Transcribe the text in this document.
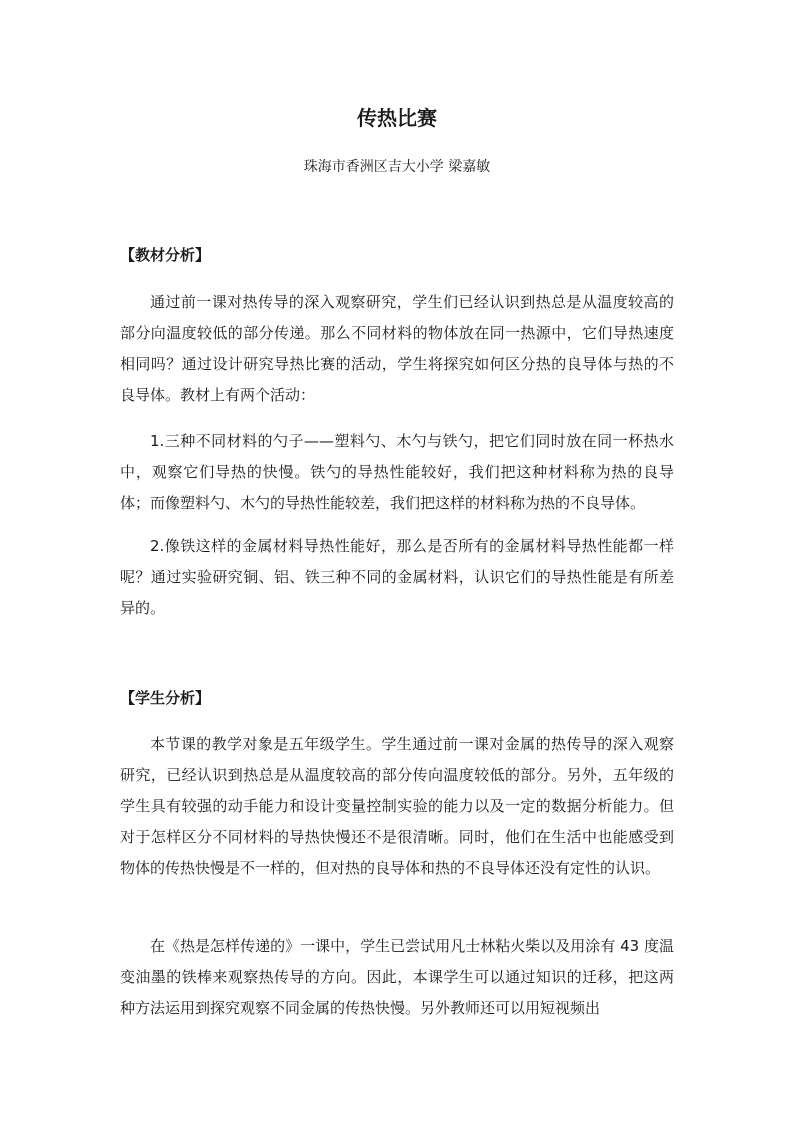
传热比赛
珠海市香洲区吉大小学 梁嘉敏
【教材分析】

通过前一课对热传导的深入观察研究，学生们已经认识到热总是从温度较高的部分向温度较低的部分传递。那么不同材料的物体放在同一热源中，它们导热速度相同吗？通过设计研究导热比赛的活动，学生将探究如何区分热的良导体与热的不良导体。教材上有两个活动：

1.三种不同材料的勺子——塑料勺、木勺与铁勺，把它们同时放在同一杯热水中，观察它们导热的快慢。铁勺的导热性能较好，我们把这种材料称为热的良导体；而像塑料勺、木勺的导热性能较差，我们把这样的材料称为热的不良导体。

2.像铁这样的金属材料导热性能好，那么是否所有的金属材料导热性能都一样呢？通过实验研究铜、铝、铁三种不同的金属材料，认识它们的导热性能是有所差异的。

【学生分析】

本节课的教学对象是五年级学生。学生通过前一课对金属的热传导的深入观察研究，已经认识到热总是从温度较高的部分传向温度较低的部分。另外，五年级的学生具有较强的动手能力和设计变量控制实验的能力以及一定的数据分析能力。但对于怎样区分不同材料的导热快慢还不是很清晰。同时，他们在生活中也能感受到物体的传热快慢是不一样的，但对热的良导体和热的不良导体还没有定性的认识。

在《热是怎样传递的》一课中，学生已尝试用凡士林粘火柴以及用涂有 43 度温变油墨的铁棒来观察热传导的方向。因此，本课学生可以通过知识的迁移，把这两种方法运用到探究观察不同金属的传热快慢。另外教师还可以用短视频出
